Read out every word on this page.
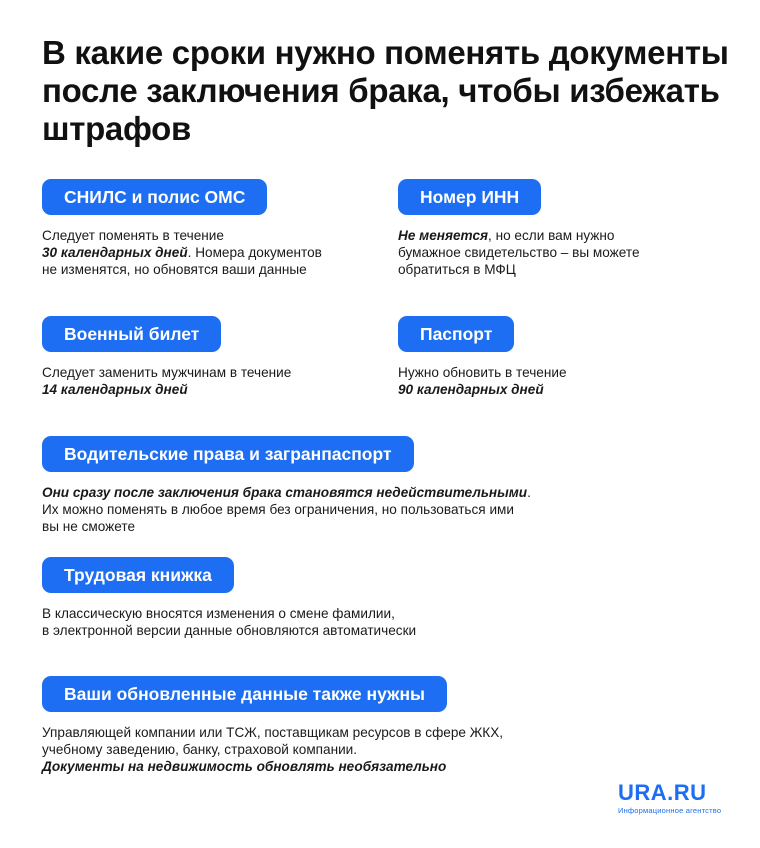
В какие сроки нужно поменять документы после заключения брака, чтобы избежать штрафов
СНИЛС и полис ОМС
Следует поменять в течение
30 календарных дней. Номера документов
не изменятся, но обновятся ваши данные
Номер ИНН
Не меняется, но если вам нужно
бумажное свидетельство – вы можете
обратиться в МФЦ
Военный билет
Следует заменить мужчинам в течение
14 календарных дней
Паспорт
Нужно обновить в течение
90 календарных дней
Водительские права и загранпаспорт
Они сразу после заключения брака становятся недействительными.
Их можно поменять в любое время без ограничения, но пользоваться ими
вы не сможете
Трудовая книжка
В классическую вносятся изменения о смене фамилии,
в электронной версии данные обновляются автоматически
Ваши обновленные данные также нужны
Управляющей компании или ТСЖ, поставщикам ресурсов в сфере ЖКХ,
учебному заведению, банку, страховой компании.
Документы на недвижимость обновлять необязательно
URA.RU
Информационное агентство
